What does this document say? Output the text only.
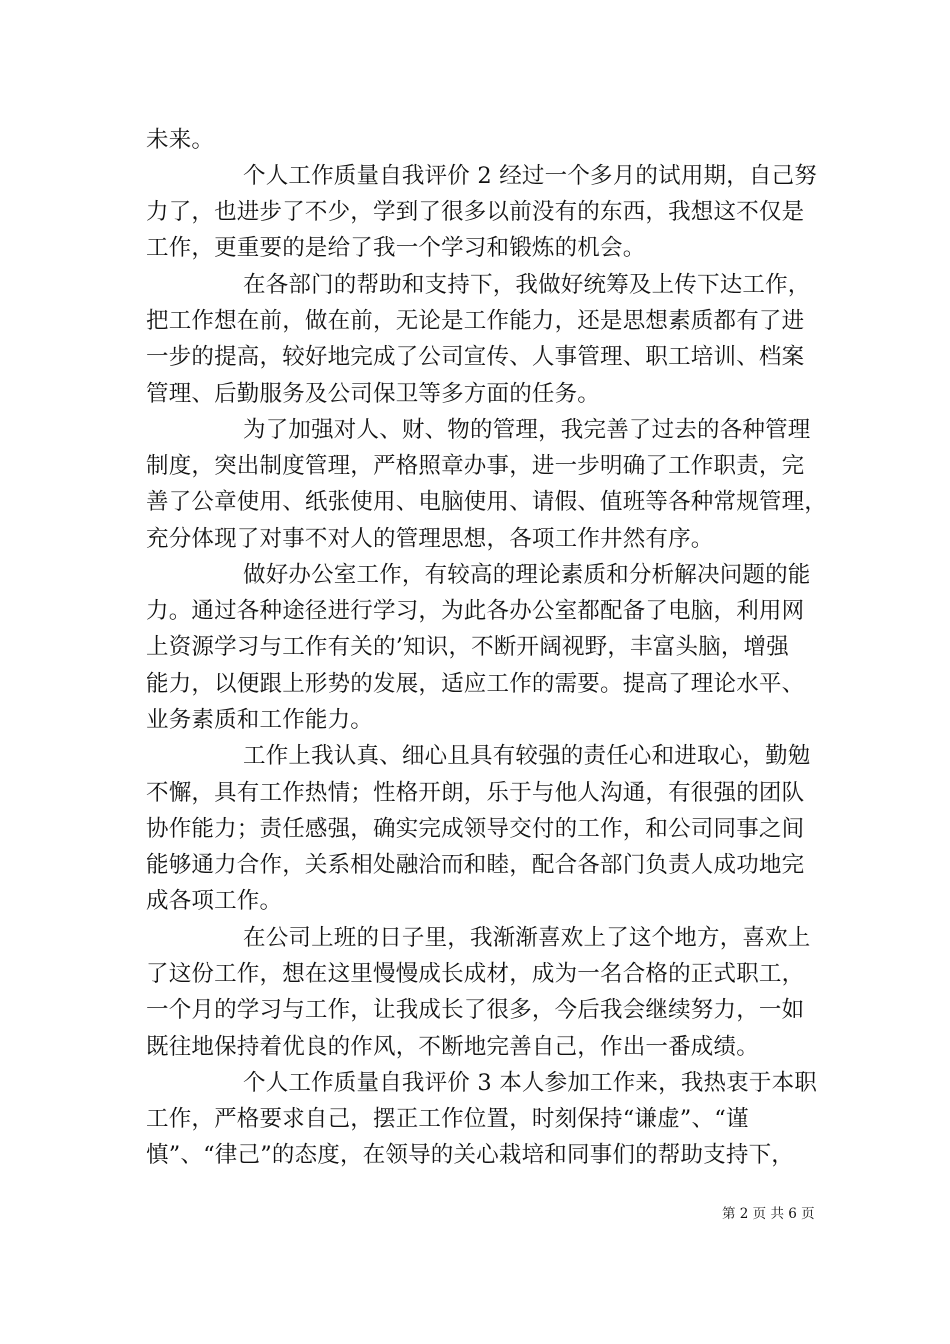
未来。
个人工作质量自我评价 2 经过一个多月的试用期，自己努
力了，也进步了不少，学到了很多以前没有的东西，我想这不仅是
工作，更重要的是给了我一个学习和锻炼的机会。
在各部门的帮助和支持下，我做好统筹及上传下达工作，
把工作想在前，做在前，无论是工作能力，还是思想素质都有了进
一步的提高，较好地完成了公司宣传、人事管理、职工培训、档案
管理、后勤服务及公司保卫等多方面的任务。
为了加强对人、财、物的管理，我完善了过去的各种管理
制度，突出制度管理，严格照章办事，进一步明确了工作职责，完
善了公章使用、纸张使用、电脑使用、请假、值班等各种常规管理，
充分体现了对事不对人的管理思想，各项工作井然有序。
做好办公室工作，有较高的理论素质和分析解决问题的能
力。通过各种途径进行学习，为此各办公室都配备了电脑，利用网
上资源学习与工作有关的’知识，不断开阔视野，丰富头脑，增强
能力，以便跟上形势的发展，适应工作的需要。提高了理论水平、
业务素质和工作能力。
工作上我认真、细心且具有较强的责任心和进取心，勤勉
不懈，具有工作热情；性格开朗，乐于与他人沟通，有很强的团队
协作能力；责任感强，确实完成领导交付的工作，和公司同事之间
能够通力合作，关系相处融洽而和睦，配合各部门负责人成功地完
成各项工作。
在公司上班的日子里，我渐渐喜欢上了这个地方，喜欢上
了这份工作，想在这里慢慢成长成材，成为一名合格的正式职工，
一个月的学习与工作，让我成长了很多，今后我会继续努力，一如
既往地保持着优良的作风，不断地完善自己，作出一番成绩。
个人工作质量自我评价 3 本人参加工作来，我热衷于本职
工作，严格要求自己，摆正工作位置，时刻保持“谦虚”、“谨
慎”、“律己”的态度，在领导的关心栽培和同事们的帮助支持下，
第 2 页 共 6 页
